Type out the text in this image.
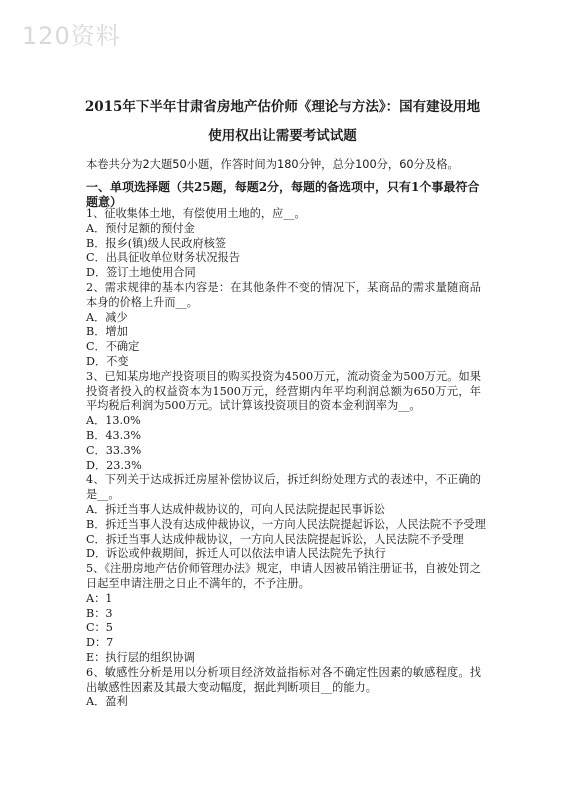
120资料
2015年下半年甘肃省房地产估价师《理论与方法》：国有建设用地
使用权出让需要考试试题
本卷共分为2大题50小题，作答时间为180分钟，总分100分，60分及格。
一、单项选择题（共25题，每题2分，每题的备选项中，只有1个事最符合题意）
1、征收集体土地，有偿使用土地的，应__。
A．预付足额的预付金
B．报乡(镇)级人民政府核签
C．出具征收单位财务状况报告
D．签订土地使用合同
2、需求规律的基本内容是：在其他条件不变的情况下，某商品的需求量随商品本身的价格上升而__。
A．减少
B．增加
C．不确定
D．不变
3、已知某房地产投资项目的购买投资为4500万元，流动资金为500万元。如果投资者投入的权益资本为1500万元，经营期内年平均利润总额为650万元，年平均税后利润为500万元。试计算该投资项目的资本金利润率为__。
A．13.0%
B．43.3%
C．33.3%
D．23.3%
4、下列关于达成拆迁房屋补偿协议后，拆迁纠纷处理方式的表述中，不正确的是__。
A．拆迁当事人达成仲裁协议的，可向人民法院提起民事诉讼
B．拆迁当事人没有达成仲裁协议，一方向人民法院提起诉讼，人民法院不予受理
C．拆迁当事人达成仲裁协议，一方向人民法院提起诉讼，人民法院不予受理
D．诉讼或仲裁期间，拆迁人可以依法申请人民法院先予执行
5、《注册房地产估价师管理办法》规定，申请人因被吊销注册证书，自被处罚之日起至申请注册之日止不满年的，不予注册。
A：1
B：3
C：5
D：7
E：执行层的组织协调
6、敏感性分析是用以分析项目经济效益指标对各不确定性因素的敏感程度。找出敏感性因素及其最大变动幅度，据此判断项目__的能力。
A．盈利
